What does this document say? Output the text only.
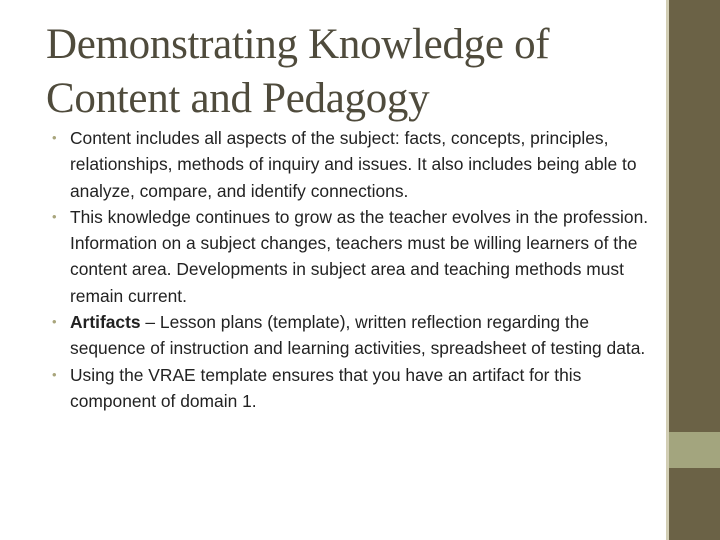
Demonstrating Knowledge of
Content and Pedagogy
• Content includes all aspects of the subject: facts, concepts, principles, relationships, methods of inquiry and issues. It also includes being able to analyze, compare, and identify connections.
• This knowledge continues to grow as the teacher evolves in the profession. Information on a subject changes, teachers must be willing learners of the content area. Developments in subject area and teaching methods must remain current.
• Artifacts – Lesson plans (template), written reflection regarding the sequence of instruction and learning activities, spreadsheet of testing data.
• Using the VRAE template ensures that you have an artifact for this component of domain 1.
